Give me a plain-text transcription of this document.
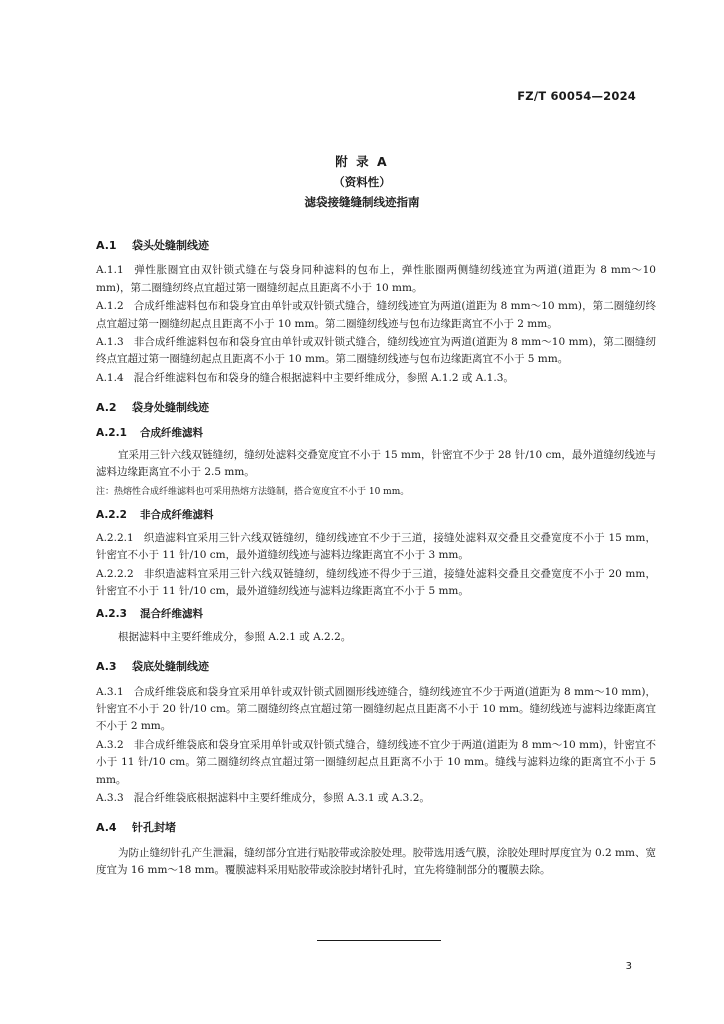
FZ/T 60054—2024
附 录 A
（资料性）
滤袋接缝缝制线迹指南
A.1 袋头处缝制线迹

A.1.1 弹性胀圈宜由双针锁式缝在与袋身同种滤料的包布上，弹性胀圈两侧缝纫线迹宜为两道(道距为 8 mm～10 mm)，第二圈缝纫终点宜超过第一圈缝纫起点且距离不小于 10 mm。

A.1.2 合成纤维滤料包布和袋身宜由单针或双针锁式缝合，缝纫线迹宜为两道(道距为 8 mm～10 mm)，第二圈缝纫终点宜超过第一圈缝纫起点且距离不小于 10 mm。第二圈缝纫线迹与包布边缘距离宜不小于 2 mm。

A.1.3 非合成纤维滤料包布和袋身宜由单针或双针锁式缝合，缝纫线迹宜为两道(道距为 8 mm～10 mm)，第二圈缝纫终点宜超过第一圈缝纫起点且距离不小于 10 mm。第二圈缝纫线迹与包布边缘距离宜不小于 5 mm。

A.1.4 混合纤维滤料包布和袋身的缝合根据滤料中主要纤维成分，参照 A.1.2 或 A.1.3。

A.2 袋身处缝制线迹
A.2.1 合成纤维滤料

宜采用三针六线双链缝纫，缝纫处滤料交叠宽度宜不小于 15 mm，针密宜不少于 28 针/10 cm，最外道缝纫线迹与滤料边缘距离宜不小于 2.5 mm。

注：热熔性合成纤维滤料也可采用热熔方法缝制，搭合宽度宜不小于 10 mm。

A.2.2 非合成纤维滤料

A.2.2.1 织造滤料宜采用三针六线双链缝纫，缝纫线迹宜不少于三道，接缝处滤料双交叠且交叠宽度不小于 15 mm，针密宜不小于 11 针/10 cm，最外道缝纫线迹与滤料边缘距离宜不小于 3 mm。

A.2.2.2 非织造滤料宜采用三针六线双链缝纫，缝纫线迹不得少于三道，接缝处滤料交叠且交叠宽度不小于 20 mm，针密宜不小于 11 针/10 cm，最外道缝纫线迹与滤料边缘距离宜不小于 5 mm。

A.2.3 混合纤维滤料

根据滤料中主要纤维成分，参照 A.2.1 或 A.2.2。

A.3 袋底处缝制线迹

A.3.1 合成纤维袋底和袋身宜采用单针或双针锁式圆圈形线迹缝合，缝纫线迹宜不少于两道(道距为 8 mm～10 mm)，针密宜不小于 20 针/10 cm。第二圈缝纫终点宜超过第一圈缝纫起点且距离不小于 10 mm。缝纫线迹与滤料边缘距离宜不小于 2 mm。

A.3.2 非合成纤维袋底和袋身宜采用单针或双针锁式缝合，缝纫线迹不宜少于两道(道距为 8 mm～10 mm)，针密宜不小于 11 针/10 cm。第二圈缝纫终点宜超过第一圈缝纫起点且距离不小于 10 mm。缝线与滤料边缘的距离宜不小于 5 mm。

A.3.3 混合纤维袋底根据滤料中主要纤维成分，参照 A.3.1 或 A.3.2。

A.4 针孔封堵

为防止缝纫针孔产生泄漏，缝纫部分宜进行贴胶带或涂胶处理。胶带选用透气膜，涂胶处理时厚度宜为 0.2 mm、宽度宜为 16 mm～18 mm。覆膜滤料采用贴胶带或涂胶封堵针孔时，宜先将缝制部分的覆膜去除。

3
